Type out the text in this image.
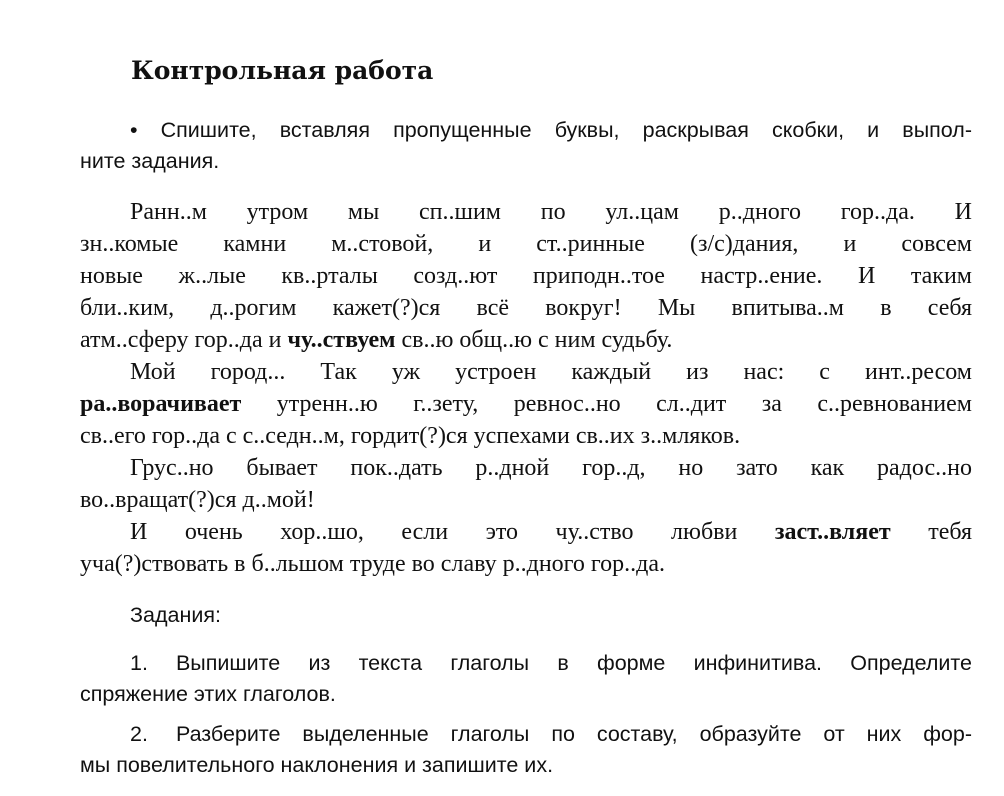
Контрольная работа
• Спишите, вставляя пропущенные буквы, раскрывая скобки, и выпол-
ните задания.
Ранн..м утром мы сп..шим по ул..цам р..дного гор..да. И
зн..комые камни м..стовой, и ст..ринные (з/с)дания, и совсем
новые ж..лые кв..рталы созд..ют приподн..тое настр..ение. И таким
бли..ким, д..рогим кажет(?)ся всё вокруг! Мы впитыва..м в себя
атм..сферу гор..да и чу..ствуем св..ю общ..ю с ним судьбу.
Мой город... Так уж устроен каждый из нас: с инт..ресом
ра..ворачивает утренн..ю г..зету, ревнос..но сл..дит за с..ревнованием
св..его гор..да с с..седн..м, гордит(?)ся успехами св..их з..мляков.
Грус..но бывает пок..дать р..дной гор..д, но зато как радос..но
во..вращат(?)ся д..мой!
И очень хор..шо, если это чу..ство любви заст..вляет тебя
уча(?)ствовать в б..льшом труде во славу р..дного гор..да.
Задания:
1. Выпишите из текста глаголы в форме инфинитива. Определите
спряжение этих глаголов.
2. Разберите выделенные глаголы по составу, образуйте от них фор-
мы повелительного наклонения и запишите их.
